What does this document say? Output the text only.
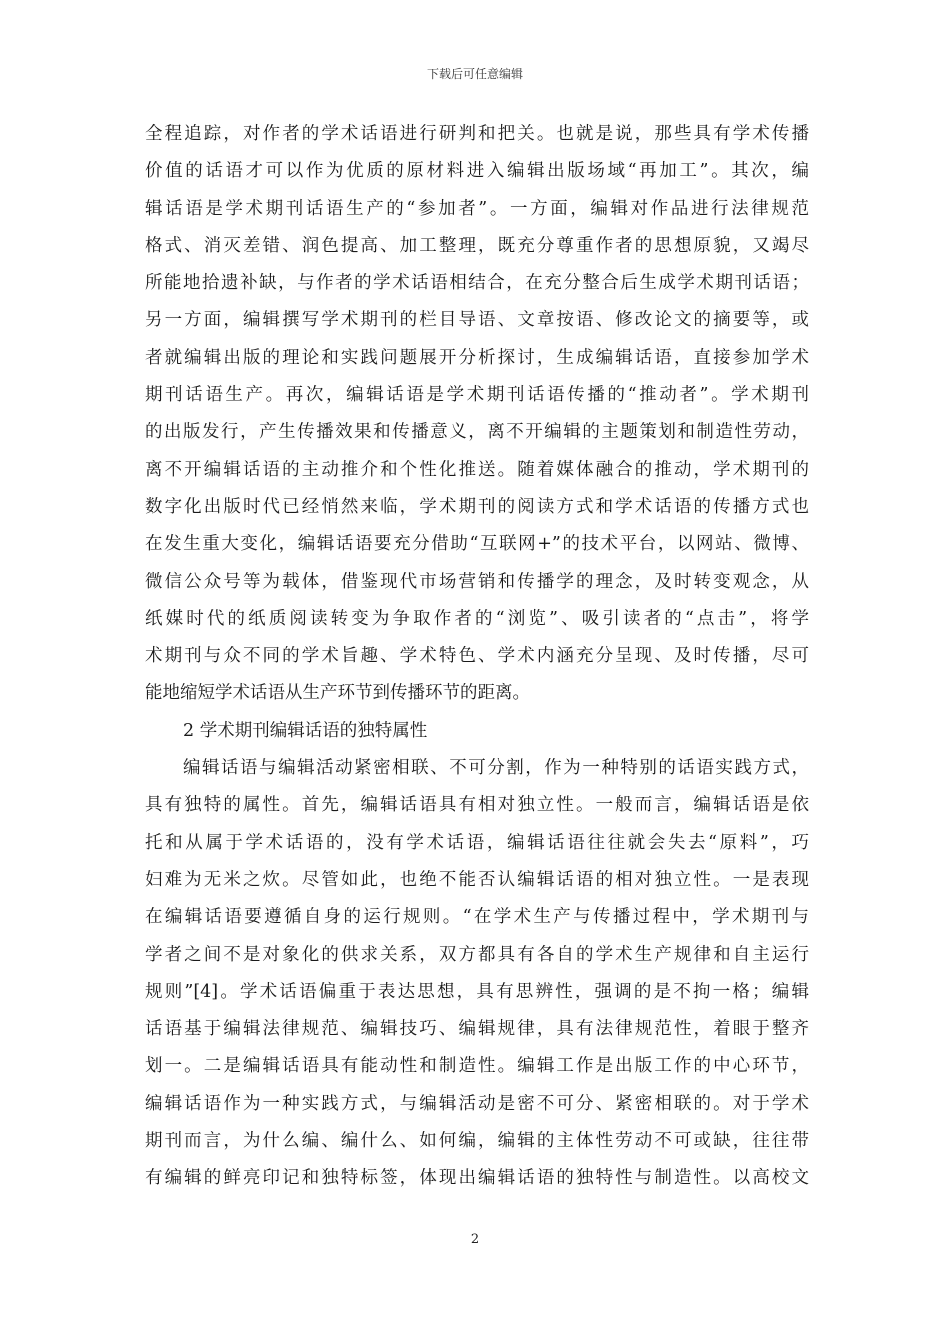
下载后可任意编辑
全程追踪，对作者的学术话语进行研判和把关。也就是说，那些具有学术传播
价值的话语才可以作为优质的原材料进入编辑出版场域“再加工”。其次，编
辑话语是学术期刊话语生产的“参加者”。一方面，编辑对作品进行法律规范
格式、消灭差错、润色提高、加工整理，既充分尊重作者的思想原貌，又竭尽
所能地拾遗补缺，与作者的学术话语相结合，在充分整合后生成学术期刊话语；
另一方面，编辑撰写学术期刊的栏目导语、文章按语、修改论文的摘要等，或
者就编辑出版的理论和实践问题展开分析探讨，生成编辑话语，直接参加学术
期刊话语生产。再次，编辑话语是学术期刊话语传播的“推动者”。学术期刊
的出版发行，产生传播效果和传播意义，离不开编辑的主题策划和制造性劳动，
离不开编辑话语的主动推介和个性化推送。随着媒体融合的推动，学术期刊的
数字化出版时代已经悄然来临，学术期刊的阅读方式和学术话语的传播方式也
在发生重大变化，编辑话语要充分借助“互联网+”的技术平台，以网站、微博、
微信公众号等为载体，借鉴现代市场营销和传播学的理念，及时转变观念，从
纸媒时代的纸质阅读转变为争取作者的“浏览”、吸引读者的“点击”，将学
术期刊与众不同的学术旨趣、学术特色、学术内涵充分呈现、及时传播，尽可
能地缩短学术话语从生产环节到传播环节的距离。
2 学术期刊编辑话语的独特属性
编辑话语与编辑活动紧密相联、不可分割，作为一种特别的话语实践方式，
具有独特的属性。首先，编辑话语具有相对独立性。一般而言，编辑话语是依
托和从属于学术话语的，没有学术话语，编辑话语往往就会失去“原料”，巧
妇难为无米之炊。尽管如此，也绝不能否认编辑话语的相对独立性。一是表现
在编辑话语要遵循自身的运行规则。“在学术生产与传播过程中，学术期刊与
学者之间不是对象化的供求关系，双方都具有各自的学术生产规律和自主运行
规则”[4]。学术话语偏重于表达思想，具有思辨性，强调的是不拘一格；编辑
话语基于编辑法律规范、编辑技巧、编辑规律，具有法律规范性，着眼于整齐
划一。二是编辑话语具有能动性和制造性。编辑工作是出版工作的中心环节，
编辑话语作为一种实践方式，与编辑活动是密不可分、紧密相联的。对于学术
期刊而言，为什么编、编什么、如何编，编辑的主体性劳动不可或缺，往往带
有编辑的鲜亮印记和独特标签，体现出编辑话语的独特性与制造性。以高校文
2
